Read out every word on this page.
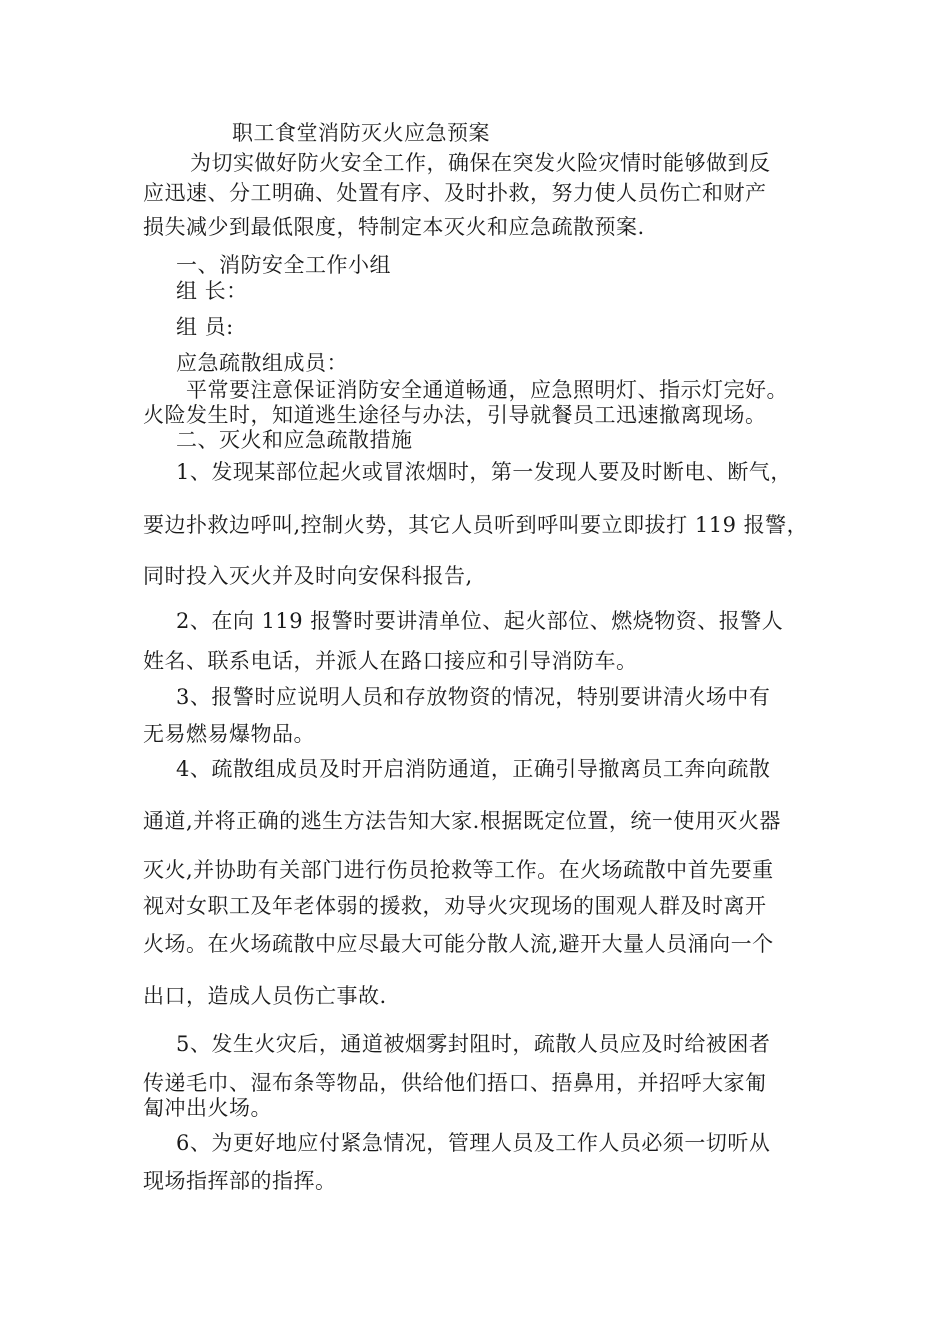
职工食堂消防灭火应急预案
为切实做好防火安全工作，确保在突发火险灾情时能够做到反
应迅速、分工明确、处置有序、及时扑救，努力使人员伤亡和财产
损失减少到最低限度，特制定本灭火和应急疏散预案.
一、消防安全工作小组
组 长：
组 员:
应急疏散组成员：
平常要注意保证消防安全通道畅通，应急照明灯、指示灯完好。
火险发生时，知道逃生途径与办法，引导就餐员工迅速撤离现场。
二、灭火和应急疏散措施
1、发现某部位起火或冒浓烟时，第一发现人要及时断电、断气，
要边扑救边呼叫,控制火势，其它人员听到呼叫要立即拔打 119 报警，
同时投入灭火并及时向安保科报告,
2、在向 119 报警时要讲清单位、起火部位、燃烧物资、报警人
姓名、联系电话，并派人在路口接应和引导消防车。
3、报警时应说明人员和存放物资的情况，特别要讲清火场中有
无易燃易爆物品。
4、疏散组成员及时开启消防通道，正确引导撤离员工奔向疏散
通道,并将正确的逃生方法告知大家.根据既定位置，统一使用灭火器
灭火,并协助有关部门进行伤员抢救等工作。在火场疏散中首先要重
视对女职工及年老体弱的援救，劝导火灾现场的围观人群及时离开
火场。在火场疏散中应尽最大可能分散人流,避开大量人员涌向一个
出口，造成人员伤亡事故.
5、发生火灾后，通道被烟雾封阻时，疏散人员应及时给被困者
传递毛巾、湿布条等物品，供给他们捂口、捂鼻用，并招呼大家匍
匐冲出火场。
6、为更好地应付紧急情况，管理人员及工作人员必须一切听从
现场指挥部的指挥。
